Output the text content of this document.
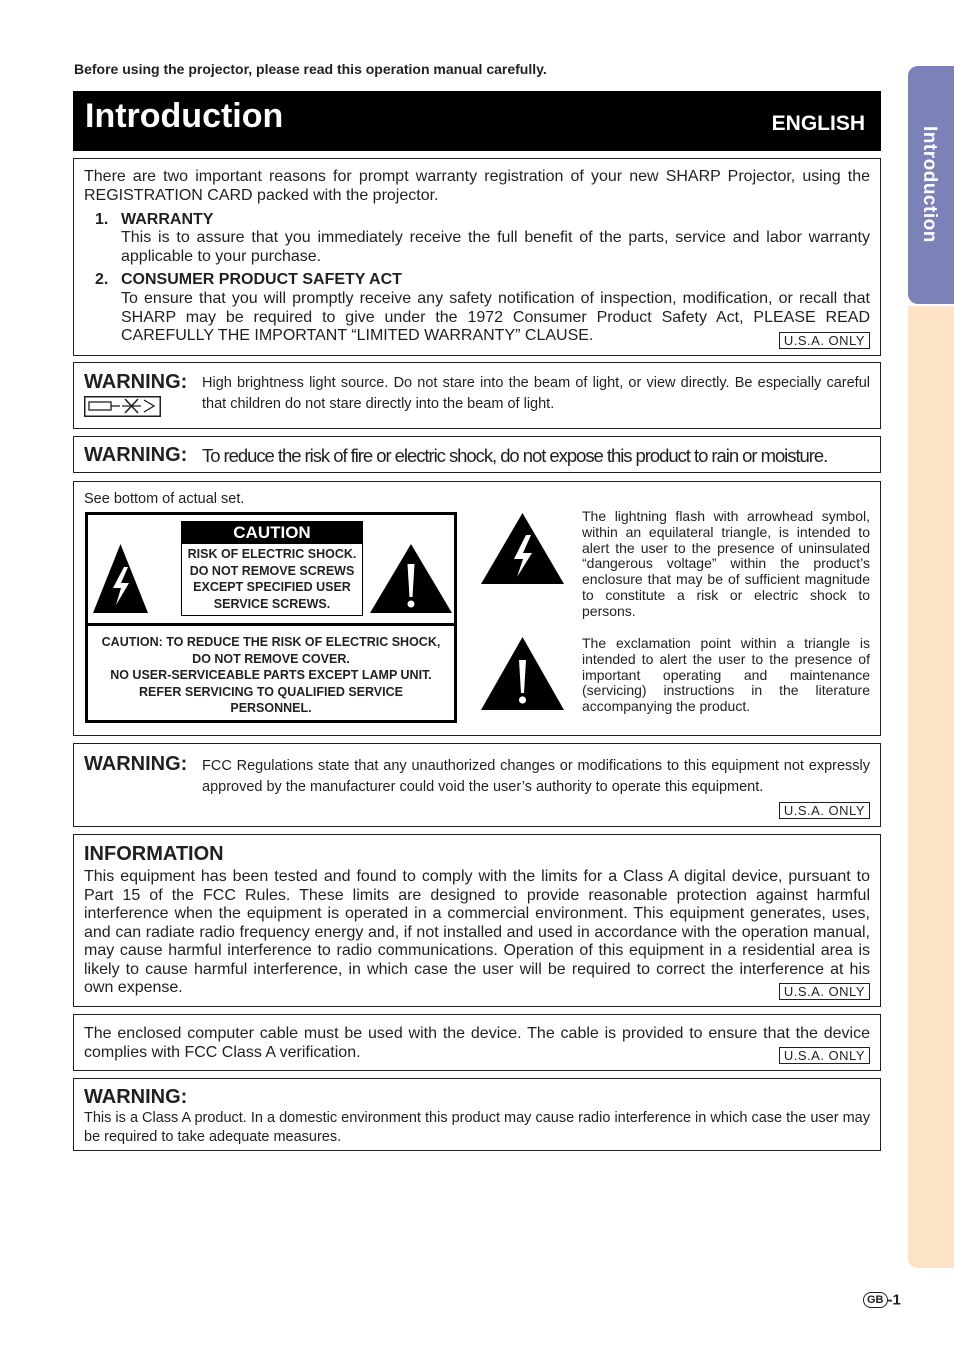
Introduction
Before using the projector, please read this operation manual carefully.
Introduction	ENGLISH

There are two important reasons for prompt warranty registration of your new SHARP Projector, using the REGISTRATION CARD packed with the projector.

1. WARRANTY

This is to assure that you immediately receive the full benefit of the parts, service and labor warranty applicable to your purchase.

2. CONSUMER PRODUCT SAFETY ACT

To ensure that you will promptly receive any safety notification of inspection, modification, or recall that SHARP may be required to give under the 1972 Consumer Product Safety Act, PLEASE READ CAREFULLY THE IMPORTANT “LIMITED WARRANTY” CLAUSE.	U.S.A. ONLY
WARNING: High brightness light source. Do not stare into the beam of light, or view directly. Be especially careful that children do not stare directly into the beam of light.

WARNING: To reduce the risk of fire or electric shock, do not expose this product to rain or moisture.
See bottom of actual set.
CAUTION
RISK OF ELECTRIC SHOCK.
DO NOT REMOVE SCREWS
EXCEPT SPECIFIED USER
SERVICE SCREWS.
CAUTION: TO REDUCE THE RISK OF ELECTRIC SHOCK,
DO NOT REMOVE COVER.
NO USER-SERVICEABLE PARTS EXCEPT LAMP UNIT.
REFER SERVICING TO QUALIFIED SERVICE
PERSONNEL.

The lightning flash with arrowhead symbol, within an equilateral triangle, is intended to alert the user to the presence of uninsulated “dangerous voltage” within the product’s enclosure that may be of sufficient magnitude to constitute a risk or electric shock to persons.

The exclamation point within a triangle is intended to alert the user to the presence of important operating and maintenance (servicing) instructions in the literature accompanying the product.

WARNING: FCC Regulations state that any unauthorized changes or modifications to this equipment not expressly approved by the manufacturer could void the user’s authority to operate this equipment.

U.S.A. ONLY
INFORMATION

This equipment has been tested and found to comply with the limits for a Class A digital device, pursuant to Part 15 of the FCC Rules. These limits are designed to provide reasonable protection against harmful interference when the equipment is operated in a commercial environment. This equipment generates, uses, and can radiate radio frequency energy and, if not installed and used in accordance with the operation manual, may cause harmful interference to radio communications. Operation of this equipment in a residential area is likely to cause harmful interference, in which case the user will be required to correct the interference at his own expense.	U.S.A. ONLY

The enclosed computer cable must be used with the device. The cable is provided to ensure that the device complies with FCC Class A verification.	U.S.A. ONLY
WARNING:

This is a Class A product. In a domestic environment this product may cause radio interference in which case the user may be required to take adequate measures.

GB -1
